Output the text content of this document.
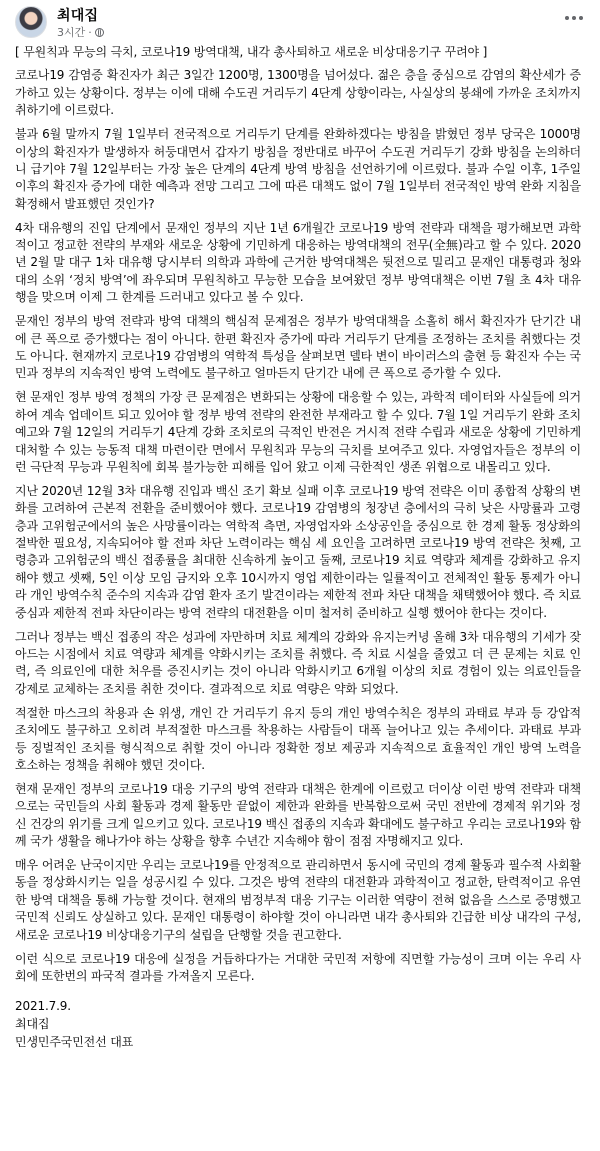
최대집
3시간 ·

[ 무원칙과 무능의 극치, 코로나19 방역대책, 내각 총사퇴하고 새로운 비상대응기구 꾸려야 ]

코로나19 감염증 확진자가 최근 3일간 1200명, 1300명을 넘어섰다. 젊은 층을 중심으로 감염의 확산세가 증가하고 있는 상황이다. 정부는 이에 대해 수도권 거리두기 4단계 상향이라는, 사실상의 봉쇄에 가까운 조치까지 취하기에 이르렀다.

불과 6월 말까지 7월 1일부터 전국적으로 거리두기 단계를 완화하겠다는 방침을 밝혔던 정부 당국은 1000명 이상의 확진자가 발생하자 허둥대면서 갑자기 방침을 정반대로 바꾸어 수도권 거리두기 강화 방침을 논의하더니 급기야 7월 12일부터는 가장 높은 단계의 4단계 방역 방침을 선언하기에 이르렀다. 불과 수일 이후, 1주일 이후의 확진자 증가에 대한 예측과 전망 그리고 그에 따른 대책도 없이 7월 1일부터 전국적인 방역 완화 지침을 확정해서 발표했던 것인가?

4차 대유행의 진입 단계에서 문재인 정부의 지난 1년 6개월간 코로나19 방역 전략과 대책을 평가해보면 과학적이고 정교한 전략의 부재와 새로운 상황에 기민하게 대응하는 방역대책의 전무(全無)라고 할 수 있다. 2020년 2월 말 대구 1차 대유행 당시부터 의학과 과학에 근거한 방역대책은 뒷전으로 밀리고 문재인 대통령과 청와대의 소위 ‘정치 방역’에 좌우되며 무원칙하고 무능한 모습을 보여왔던 정부 방역대책은 이번 7월 초 4차 대유행을 맞으며 이제 그 한계를 드러내고 있다고 볼 수 있다.

문재인 정부의 방역 전략과 방역 대책의 핵심적 문제점은 정부가 방역대책을 소홀히 해서 확진자가 단기간 내에 큰 폭으로 증가했다는 점이 아니다. 한편 확진자 증가에 따라 거리두기 단계를 조정하는 조치를 취했다는 것도 아니다. 현재까지 코로나19 감염병의 역학적 특성을 살펴보면 델타 변이 바이러스의 출현 등 확진자 수는 국민과 정부의 지속적인 방역 노력에도 불구하고 얼마든지 단기간 내에 큰 폭으로 증가할 수 있다.

현 문재인 정부 방역 정책의 가장 큰 문제점은 변화되는 상황에 대응할 수 있는, 과학적 데이터와 사실들에 의거하여 계속 업데이트 되고 있어야 할 정부 방역 전략의 완전한 부재라고 할 수 있다. 7월 1일 거리두기 완화 조치 예고와 7월 12일의 거리두기 4단계 강화 조치로의 극적인 반전은 거시적 전략 수립과 새로운 상황에 기민하게 대처할 수 있는 능동적 대책 마련이란 면에서 무원칙과 무능의 극치를 보여주고 있다. 자영업자들은 정부의 이런 극단적 무능과 무원칙에 회복 불가능한 피해를 입어 왔고 이제 극한적인 생존 위협으로 내몰리고 있다.

지난 2020년 12월 3차 대유행 진입과 백신 조기 확보 실패 이후 코로나19 방역 전략은 이미 종합적 상황의 변화를 고려하여 근본적 전환을 준비했어야 했다. 코로나19 감염병의 청장년 층에서의 극히 낮은 사망률과 고령층과 고위험군에서의 높은 사망률이라는 역학적 측면, 자영업자와 소상공인을 중심으로 한 경제 활동 정상화의 절박한 필요성, 지속되어야 할 전파 차단 노력이라는 핵심 세 요인을 고려하면 코로나19 방역 전략은 첫째, 고령층과 고위험군의 백신 접종률을 최대한 신속하게 높이고 둘째, 코로나19 치료 역량과 체계를 강화하고 유지해야 했고 셋째, 5인 이상 모임 금지와 오후 10시까지 영업 제한이라는 일률적이고 전체적인 활동 통제가 아니라 개인 방역수칙 준수의 지속과 감염 환자 조기 발견이라는 제한적 전파 차단 대책을 채택했어야 했다. 즉 치료 중심과 제한적 전파 차단이라는 방역 전략의 대전환을 이미 철저히 준비하고 실행 했어야 한다는 것이다.

그러나 정부는 백신 접종의 작은 성과에 자만하며 치료 체계의 강화와 유지는커녕 올해 3차 대유행의 기세가 잦아드는 시점에서 치료 역량과 체계를 약화시키는 조치를 취했다. 즉 치료 시설을 줄였고 더 큰 문제는 치료 인력, 즉 의료인에 대한 처우를 증진시키는 것이 아니라 악화시키고 6개월 이상의 치료 경험이 있는 의료인들을 강제로 교체하는 조치를 취한 것이다. 결과적으로 치료 역량은 약화 되었다.

적절한 마스크의 착용과 손 위생, 개인 간 거리두기 유지 등의 개인 방역수칙은 정부의 과태료 부과 등 강압적 조치에도 불구하고 오히려 부적절한 마스크를 착용하는 사람들이 대폭 늘어나고 있는 추세이다. 과태료 부과 등 징벌적인 조치를 형식적으로 취할 것이 아니라 정확한 정보 제공과 지속적으로 효율적인 개인 방역 노력을 호소하는 정책을 취해야 했던 것이다.

현재 문재인 정부의 코로나19 대응 기구의 방역 전략과 대책은 한계에 이르렀고 더이상 이런 방역 전략과 대책으로는 국민들의 사회 활동과 경제 활동만 끝없이 제한과 완화를 반복함으로써 국민 전반에 경제적 위기와 정신 건강의 위기를 크게 일으키고 있다. 코로나19 백신 접종의 지속과 확대에도 불구하고 우리는 코로나19와 함께 국가 생활을 해나가야 하는 상황을 향후 수년간 지속해야 함이 점점 자명해지고 있다.

매우 어려운 난국이지만 우리는 코로나19를 안정적으로 관리하면서 동시에 국민의 경제 활동과 필수적 사회활동을 정상화시키는 일을 성공시킬 수 있다. 그것은 방역 전략의 대전환과 과학적이고 정교한, 탄력적이고 유연한 방역 대책을 통해 가능할 것이다. 현재의 범정부적 대응 기구는 이러한 역량이 전혀 없음을 스스로 증명했고 국민적 신뢰도 상실하고 있다. 문재인 대통령이 하야할 것이 아니라면 내각 총사퇴와 긴급한 비상 내각의 구성, 새로운 코로나19 비상대응기구의 설립을 단행할 것을 권고한다.

이런 식으로 코로나19 대응에 실정을 거듭하다가는 거대한 국민적 저항에 직면할 가능성이 크며 이는 우리 사회에 또한번의 파국적 결과를 가져올지 모른다.

2021.7.9.
최대집
민생민주국민전선 대표
